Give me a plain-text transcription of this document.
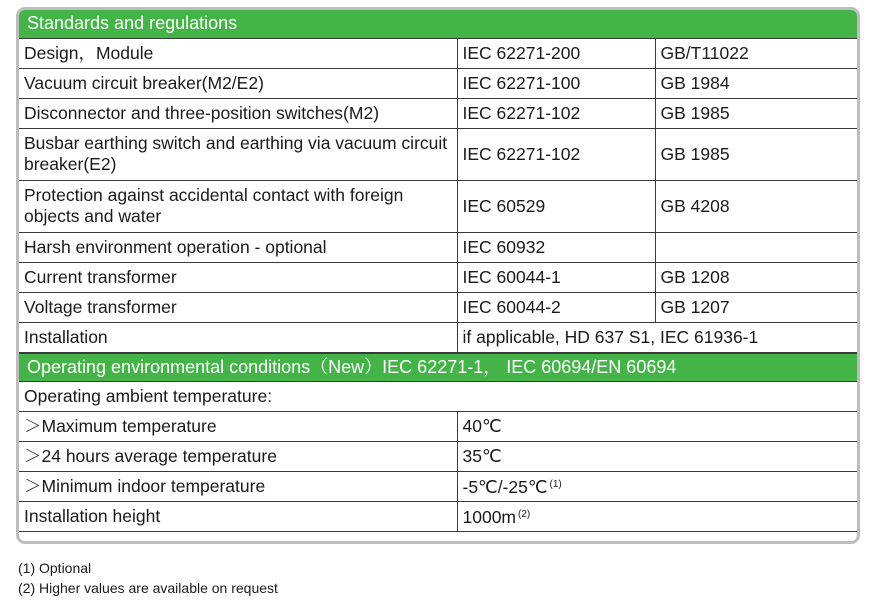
Standards and regulations		
Design，Module	IEC 62271-200	GB/T11022
Vacuum circuit breaker(M2/E2)	IEC 62271-100	GB 1984
Disconnector and three-position switches(M2)	IEC 62271-102	GB 1985
Busbar earthing switch and earthing via vacuum circuit breaker(E2)	IEC 62271-102	GB 1985
Protection against accidental contact with foreign objects and water	IEC 60529	GB 4208
Harsh environment operation - optional	IEC 60932	
Current transformer	IEC 60044-1	GB 1208
Voltage transformer	IEC 60044-2	GB 1207
Installation	if applicable, HD 637 S1, IEC 61936-1	
Operating environmental conditions（New）IEC 62271-1， IEC 60694/EN 60694	
Operating ambient temperature:	
＞Maximum temperature	40℃
＞24 hours average temperature	35℃
＞Minimum indoor temperature	-5℃/-25℃ $^{(1)}$
Installation height	1000m $^{(2)}$
(1) Optional
(2) Higher values are available on request
